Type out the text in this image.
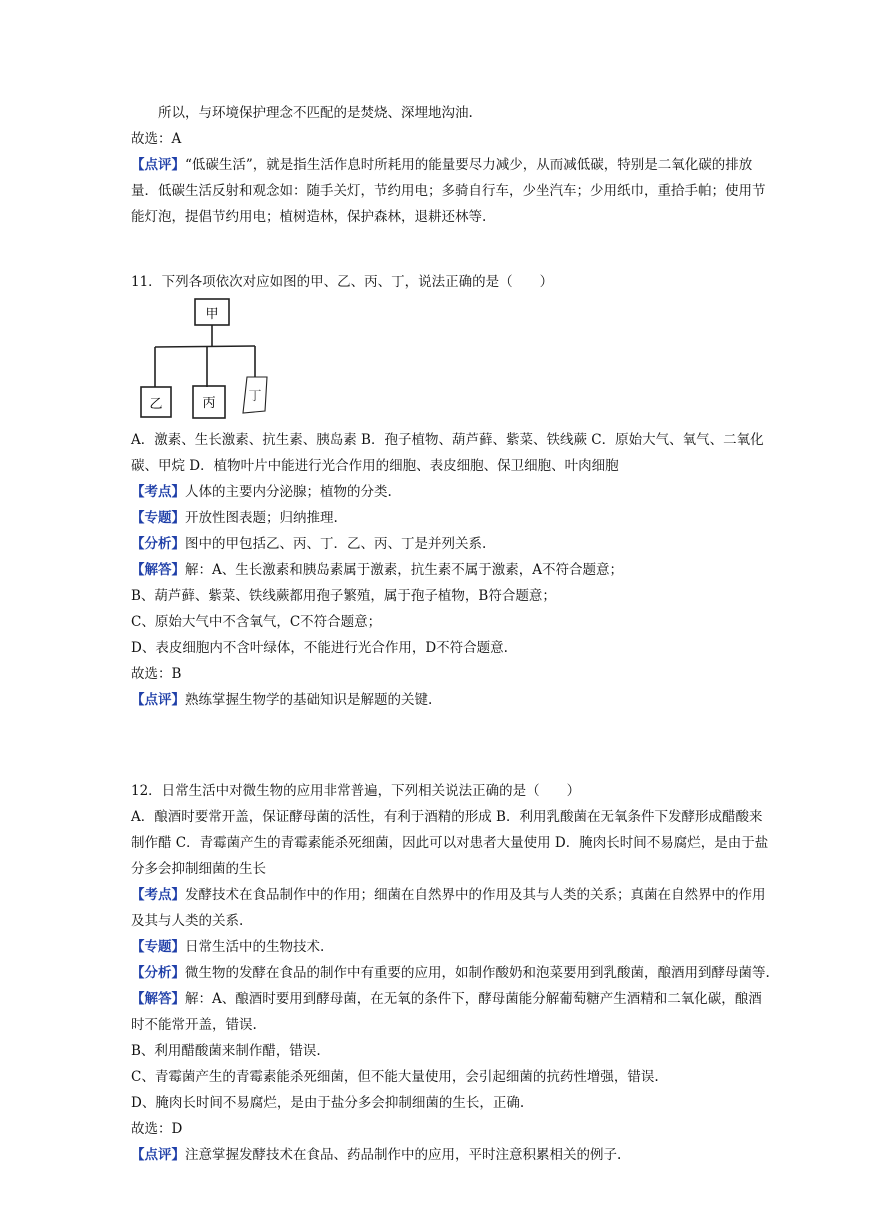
所以，与环境保护理念不匹配的是焚烧、深埋地沟油.

故选：A

【点评】“低碳生活”，就是指生活作息时所耗用的能量要尽力减少，从而减低碳，特别是二氧化碳的排放量．低碳生活反射和观念如：随手关灯，节约用电；多骑自行车，少坐汽车；少用纸巾，重拾手帕；使用节能灯泡，提倡节约用电；植树造林，保护森林，退耕还林等.

11．下列各项依次对应如图的甲、乙、丙、丁，说法正确的是（　　）

甲
乙	丙	丁

A．激素、生长激素、抗生素、胰岛素 B．孢子植物、葫芦藓、紫菜、铁线蕨 C．原始大气、氧气、二氧化碳、甲烷 D．植物叶片中能进行光合作用的细胞、表皮细胞、保卫细胞、叶肉细胞

【考点】人体的主要内分泌腺；植物的分类.

【专题】开放性图表题；归纳推理.

【分析】图中的甲包括乙、丙、丁．乙、丙、丁是并列关系.

【解答】解：A、生长激素和胰岛素属于激素，抗生素不属于激素，A不符合题意；

B、葫芦藓、紫菜、铁线蕨都用孢子繁殖，属于孢子植物，B符合题意；

C、原始大气中不含氧气，C不符合题意；

D、表皮细胞内不含叶绿体，不能进行光合作用，D不符合题意.

故选：B

【点评】熟练掌握生物学的基础知识是解题的关键.

12．日常生活中对微生物的应用非常普遍，下列相关说法正确的是（　　）

A．酿酒时要常开盖，保证酵母菌的活性，有利于酒精的形成 B．利用乳酸菌在无氧条件下发酵形成醋酸来制作醋 C．青霉菌产生的青霉素能杀死细菌，因此可以对患者大量使用 D．腌肉长时间不易腐烂，是由于盐分多会抑制细菌的生长

【考点】发酵技术在食品制作中的作用；细菌在自然界中的作用及其与人类的关系；真菌在自然界中的作用及其与人类的关系.

【专题】日常生活中的生物技术.

【分析】微生物的发酵在食品的制作中有重要的应用，如制作酸奶和泡菜要用到乳酸菌，酿酒用到酵母菌等.

【解答】解：A、酿酒时要用到酵母菌，在无氧的条件下，酵母菌能分解葡萄糖产生酒精和二氧化碳，酿酒时不能常开盖，错误.

B、利用醋酸菌来制作醋，错误.

C、青霉菌产生的青霉素能杀死细菌，但不能大量使用，会引起细菌的抗药性增强，错误.

D、腌肉长时间不易腐烂，是由于盐分多会抑制细菌的生长，正确.

故选：D

【点评】注意掌握发酵技术在食品、药品制作中的应用，平时注意积累相关的例子.
